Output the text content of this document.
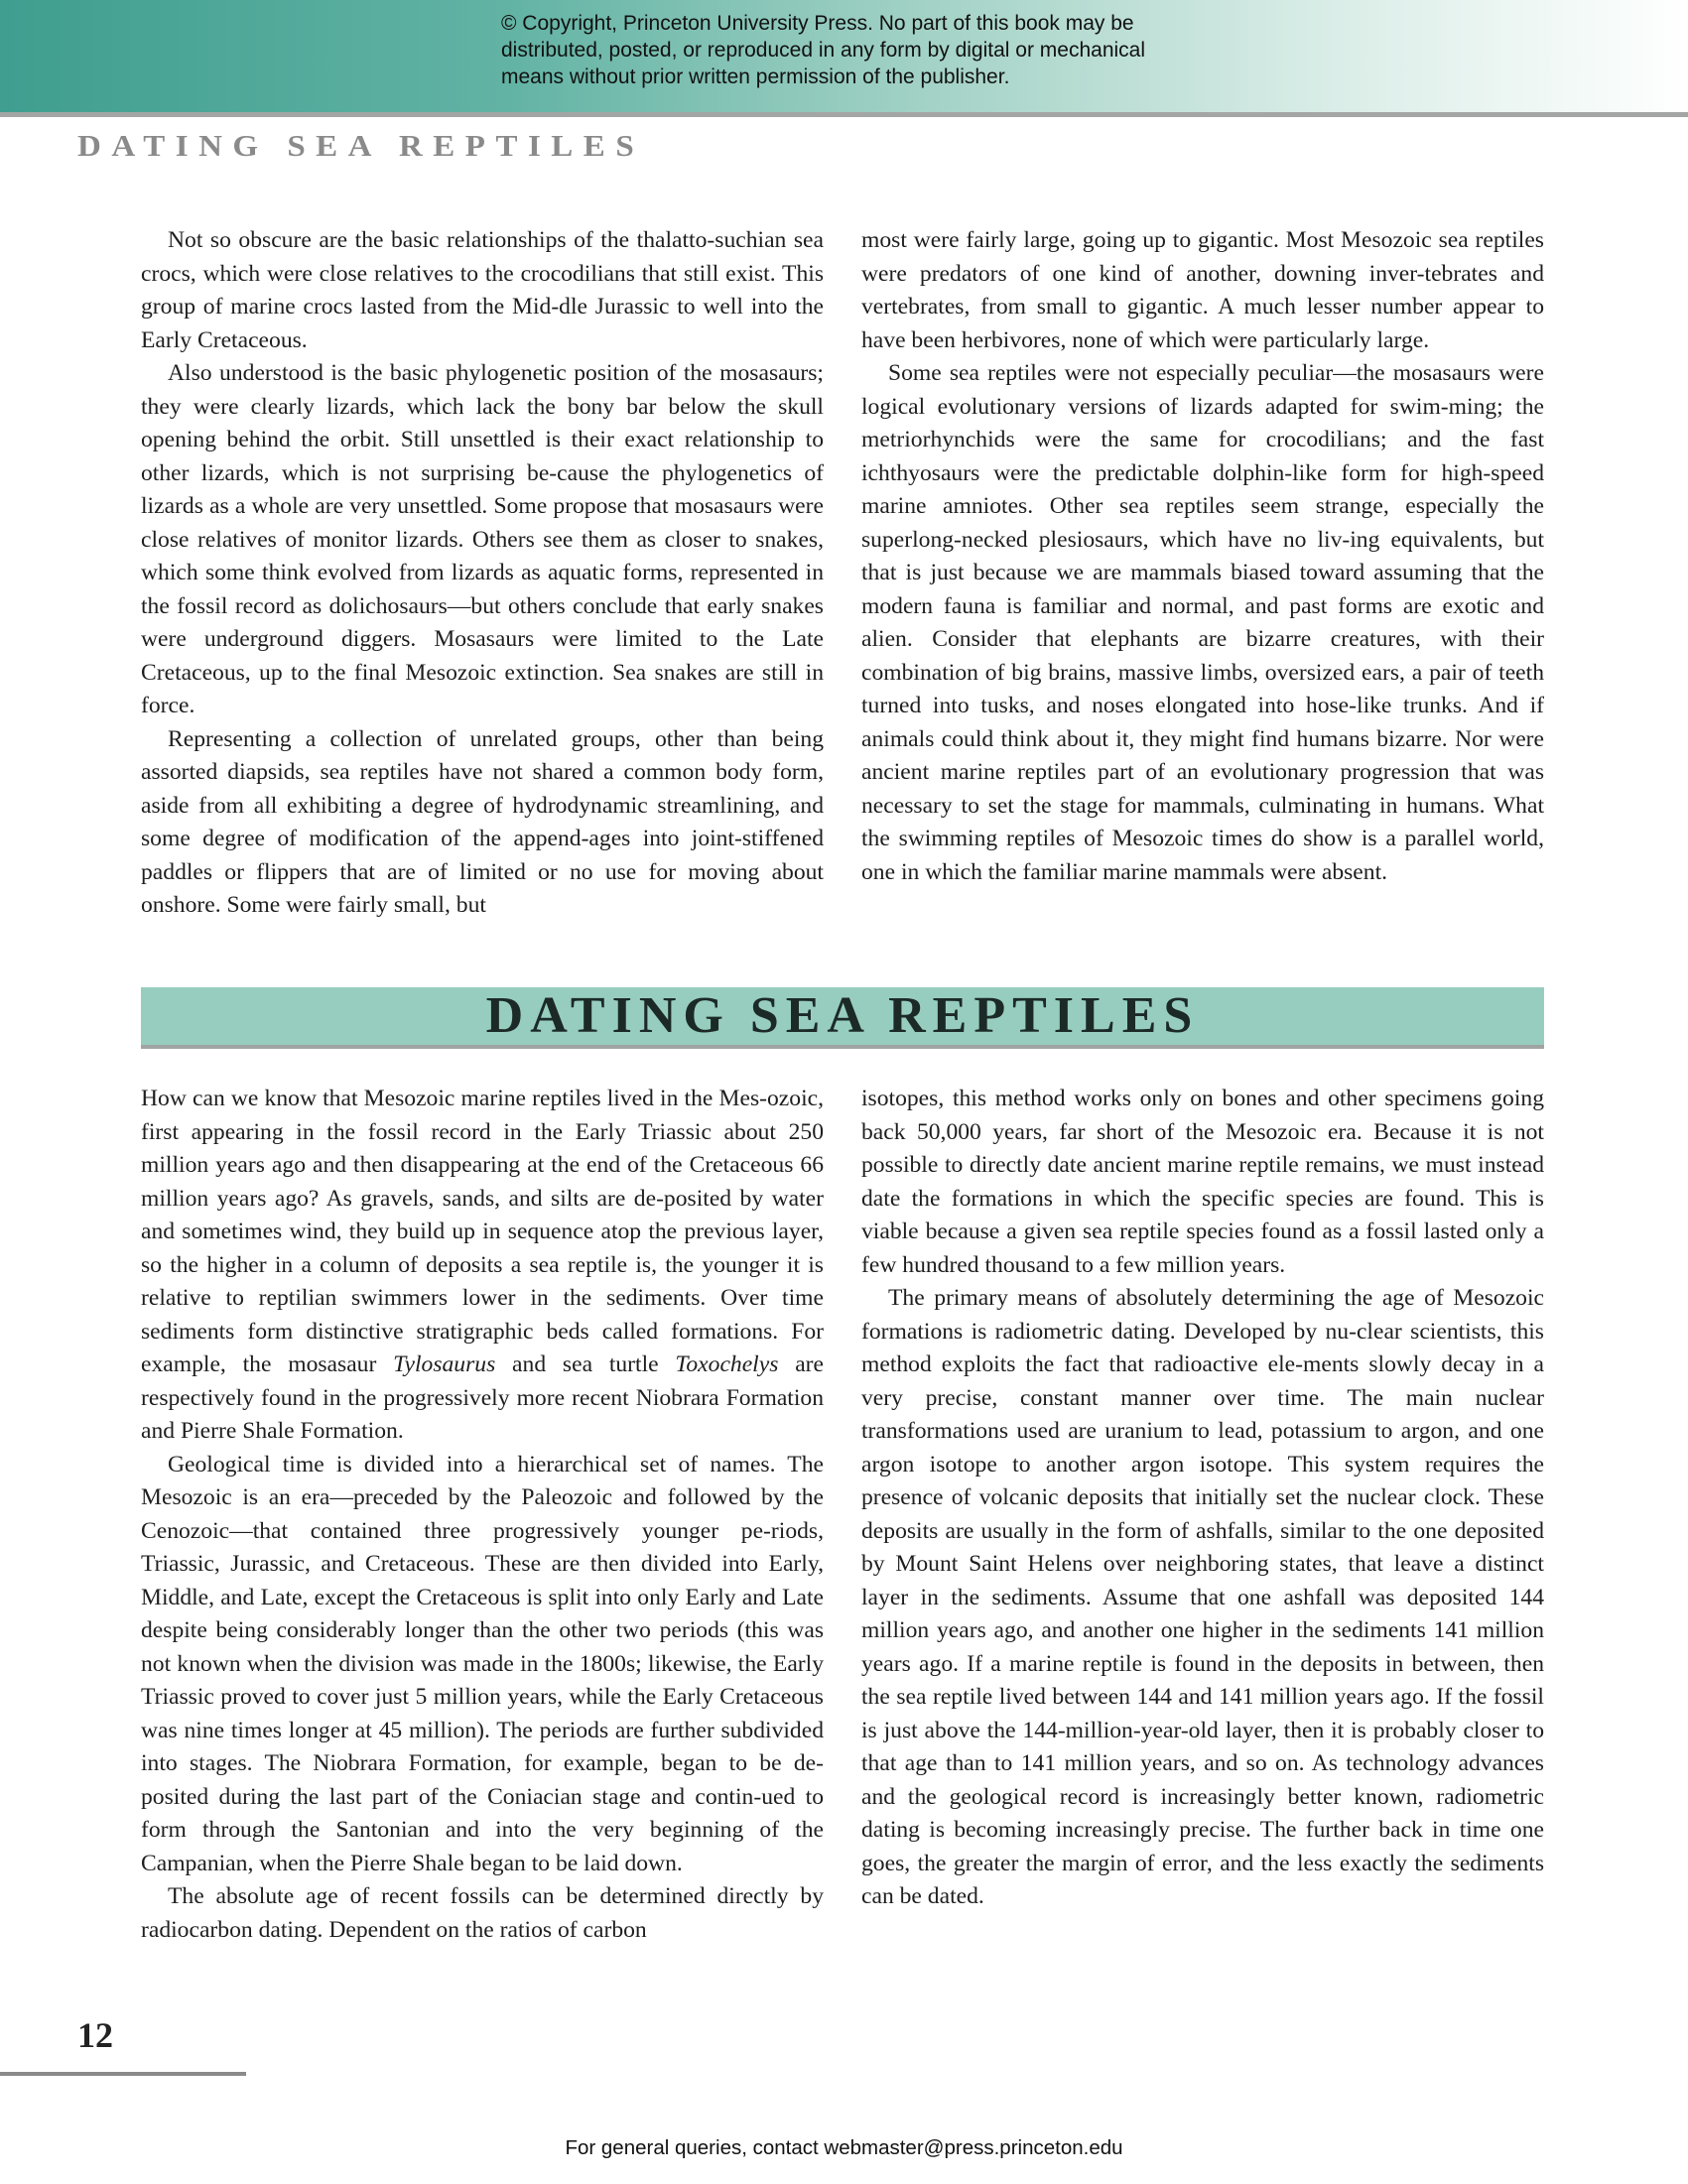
© Copyright, Princeton University Press. No part of this book may be
distributed, posted, or reproduced in any form by digital or mechanical
means without prior written permission of the publisher.
DATING SEA REPTILES

Not so obscure are the basic relationships of the thalatto-suchian sea crocs, which were close relatives to the crocodilians that still exist. This group of marine crocs lasted from the Mid-dle Jurassic to well into the Early Cretaceous.

Also understood is the basic phylogenetic position of the mosasaurs; they were clearly lizards, which lack the bony bar below the skull opening behind the orbit. Still unsettled is their exact relationship to other lizards, which is not surprising be-cause the phylogenetics of lizards as a whole are very unsettled. Some propose that mosasaurs were close relatives of monitor lizards. Others see them as closer to snakes, which some think evolved from lizards as aquatic forms, represented in the fossil record as dolichosaurs—but others conclude that early snakes were underground diggers. Mosasaurs were limited to the Late Cretaceous, up to the final Mesozoic extinction. Sea snakes are still in force.

Representing a collection of unrelated groups, other than being assorted diapsids, sea reptiles have not shared a common body form, aside from all exhibiting a degree of hydrodynamic streamlining, and some degree of modification of the append-ages into joint-stiffened paddles or flippers that are of limited or no use for moving about onshore. Some were fairly small, but

most were fairly large, going up to gigantic. Most Mesozoic sea reptiles were predators of one kind of another, downing inver-tebrates and vertebrates, from small to gigantic. A much lesser number appear to have been herbivores, none of which were particularly large.

Some sea reptiles were not especially peculiar—the mosasaurs were logical evolutionary versions of lizards adapted for swim-ming; the metriorhynchids were the same for crocodilians; and the fast ichthyosaurs were the predictable dolphin-like form for high-speed marine amniotes. Other sea reptiles seem strange, especially the superlong-necked plesiosaurs, which have no liv-ing equivalents, but that is just because we are mammals biased toward assuming that the modern fauna is familiar and normal, and past forms are exotic and alien. Consider that elephants are bizarre creatures, with their combination of big brains, massive limbs, oversized ears, a pair of teeth turned into tusks, and noses elongated into hose-like trunks. And if animals could think about it, they might find humans bizarre. Nor were ancient marine reptiles part of an evolutionary progression that was necessary to set the stage for mammals, culminating in humans. What the swimming reptiles of Mesozoic times do show is a parallel world, one in which the familiar marine mammals were absent.

DATING SEA REPTILES

How can we know that Mesozoic marine reptiles lived in the Mes-ozoic, first appearing in the fossil record in the Early Triassic about 250 million years ago and then disappearing at the end of the Cretaceous 66 million years ago? As gravels, sands, and silts are de-posited by water and sometimes wind, they build up in sequence atop the previous layer, so the higher in a column of deposits a sea reptile is, the younger it is relative to reptilian swimmers lower in the sediments. Over time sediments form distinctive stratigraphic beds called formations. For example, the mosasaur Tylosaurus and sea turtle Toxochelys are respectively found in the progressively more recent Niobrara Formation and Pierre Shale Formation.

Geological time is divided into a hierarchical set of names. The Mesozoic is an era—preceded by the Paleozoic and followed by the Cenozoic—that contained three progressively younger pe-riods, Triassic, Jurassic, and Cretaceous. These are then divided into Early, Middle, and Late, except the Cretaceous is split into only Early and Late despite being considerably longer than the other two periods (this was not known when the division was made in the 1800s; likewise, the Early Triassic proved to cover just 5 million years, while the Early Cretaceous was nine times longer at 45 million). The periods are further subdivided into stages. The Niobrara Formation, for example, began to be de-posited during the last part of the Coniacian stage and contin-ued to form through the Santonian and into the very beginning of the Campanian, when the Pierre Shale began to be laid down.

The absolute age of recent fossils can be determined directly by radiocarbon dating. Dependent on the ratios of carbon

isotopes, this method works only on bones and other specimens going back 50,000 years, far short of the Mesozoic era. Because it is not possible to directly date ancient marine reptile remains, we must instead date the formations in which the specific species are found. This is viable because a given sea reptile species found as a fossil lasted only a few hundred thousand to a few million years.

The primary means of absolutely determining the age of Mesozoic formations is radiometric dating. Developed by nu-clear scientists, this method exploits the fact that radioactive ele-ments slowly decay in a very precise, constant manner over time. The main nuclear transformations used are uranium to lead, potassium to argon, and one argon isotope to another argon isotope. This system requires the presence of volcanic deposits that initially set the nuclear clock. These deposits are usually in the form of ashfalls, similar to the one deposited by Mount Saint Helens over neighboring states, that leave a distinct layer in the sediments. Assume that one ashfall was deposited 144 million years ago, and another one higher in the sediments 141 million years ago. If a marine reptile is found in the deposits in between, then the sea reptile lived between 144 and 141 million years ago. If the fossil is just above the 144-million-year-old layer, then it is probably closer to that age than to 141 million years, and so on. As technology advances and the geological record is increasingly better known, radiometric dating is becoming increasingly precise. The further back in time one goes, the greater the margin of error, and the less exactly the sediments can be dated.

12
For general queries, contact webmaster@press.princeton.edu
